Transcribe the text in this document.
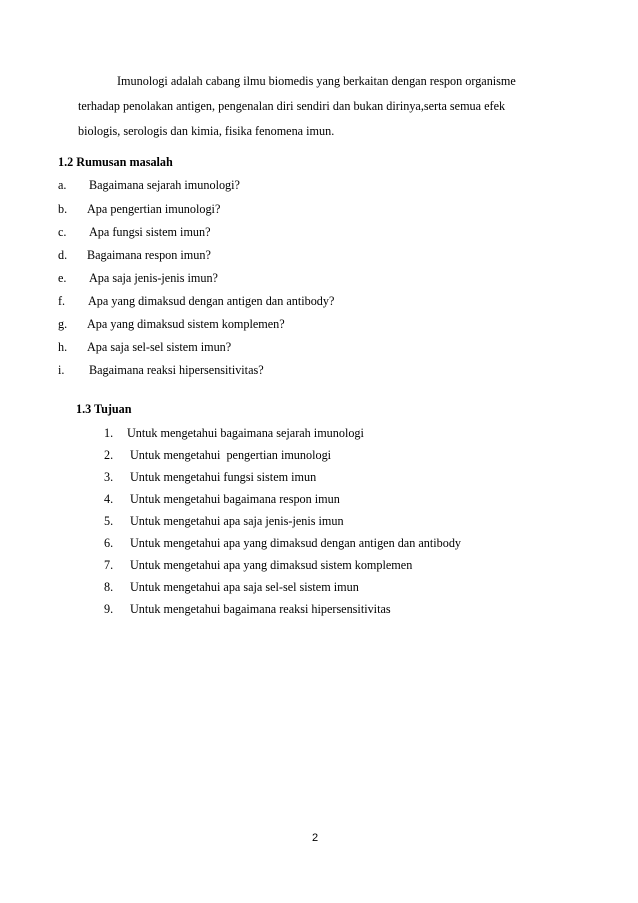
Imunologi adalah cabang ilmu biomedis yang berkaitan dengan respon organisme
terhadap penolakan antigen, pengenalan diri sendiri dan bukan dirinya,serta semua efek
biologis, serologis dan kimia, fisika fenomena imun.
1.2 Rumusan masalah
a. Bagaimana sejarah imunologi?
b. Apa pengertian imunologi?
c. Apa fungsi sistem imun?
d. Bagaimana respon imun?
e. Apa saja jenis-jenis imun?
f. Apa yang dimaksud dengan antigen dan antibody?
g. Apa yang dimaksud sistem komplemen?
h. Apa saja sel-sel sistem imun?
i. Bagaimana reaksi hipersensitivitas?
1.3 Tujuan
1. Untuk mengetahui bagaimana sejarah imunologi
2. Untuk mengetahui  pengertian imunologi
3. Untuk mengetahui fungsi sistem imun
4. Untuk mengetahui bagaimana respon imun
5. Untuk mengetahui apa saja jenis-jenis imun
6. Untuk mengetahui apa yang dimaksud dengan antigen dan antibody
7. Untuk mengetahui apa yang dimaksud sistem komplemen
8. Untuk mengetahui apa saja sel-sel sistem imun
9. Untuk mengetahui bagaimana reaksi hipersensitivitas
2
